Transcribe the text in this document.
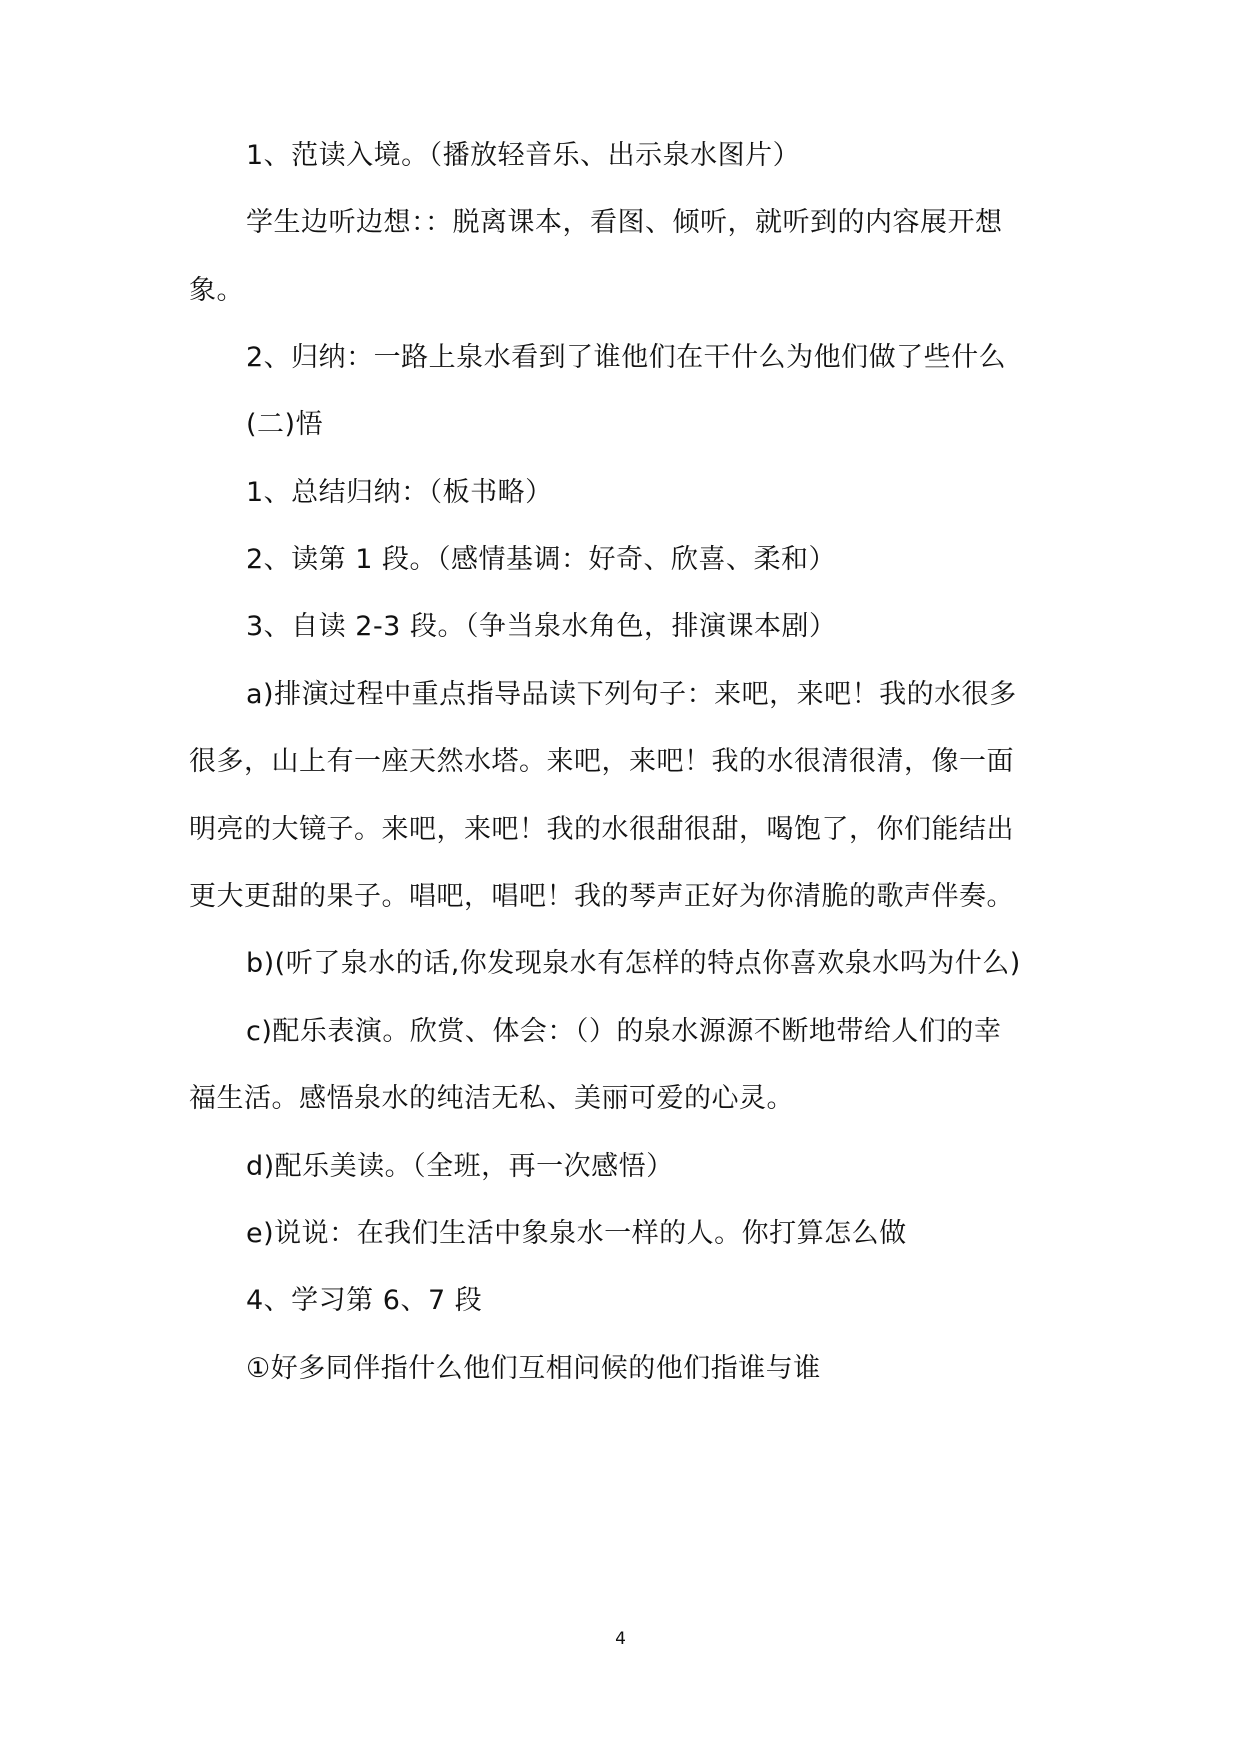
1、范读入境。（播放轻音乐、出示泉水图片）
学生边听边想：：脱离课本，看图、倾听，就听到的内容展开想
象。
2、归纳：一路上泉水看到了谁他们在干什么为他们做了些什么
(二)悟
1、总结归纳：（板书略）
2、读第 1 段。（感情基调：好奇、欣喜、柔和）
3、自读 2-3 段。（争当泉水角色，排演课本剧）
a)排演过程中重点指导品读下列句子：来吧，来吧！我的水很多
很多，山上有一座天然水塔。来吧，来吧！我的水很清很清，像一面
明亮的大镜子。来吧，来吧！我的水很甜很甜，喝饱了，你们能结出
更大更甜的果子。唱吧，唱吧！我的琴声正好为你清脆的歌声伴奏。
b)(听了泉水的话,你发现泉水有怎样的特点你喜欢泉水吗为什么)
c)配乐表演。欣赏、体会：（）的泉水源源不断地带给人们的幸
福生活。感悟泉水的纯洁无私、美丽可爱的心灵。
d)配乐美读。（全班，再一次感悟）
e)说说：在我们生活中象泉水一样的人。你打算怎么做
4、学习第 6、7 段
①好多同伴指什么他们互相问候的他们指谁与谁
4
